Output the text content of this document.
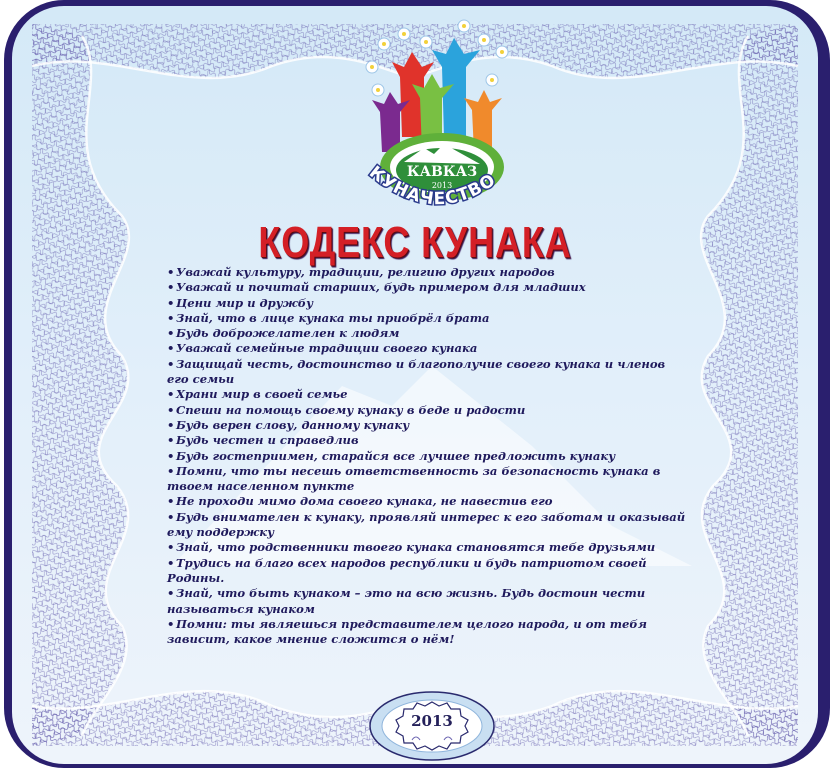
КАВКАЗ
2013
КУНАЧЕСТВО
КОДЕКС КУНАКА
• Уважай культуру, традиции, религию других народов
• Уважай и почитай старших, будь примером для младших
• Цени мир и дружбу
• Знай, что в лице кунака ты приобрёл брата
• Будь доброжелателен к людям
• Уважай семейные традиции своего кунака
• Защищай честь, достоинство и благополучие своего кунака и членов его семьи
• Храни мир в своей семье
• Спеши на помощь своему кунаку в беде и радости
• Будь верен слову, данному кунаку
• Будь честен и справедлив
• Будь гостеприимен, старайся все лучшее предложить кунаку
• Помни, что ты несешь ответственность за безопасность кунака в твоем населенном пункте
• Не проходи мимо дома своего кунака, не навестив его
• Будь внимателен к кунаку, проявляй интерес к его заботам и оказывай ему поддержку
• Знай, что родственники твоего кунака становятся тебе друзьями
• Трудись на благо всех народов республики и будь патриотом своей Родины.
• Знай, что быть кунаком – это на всю жизнь. Будь достоин чести называться кунаком
• Помни: ты являешься представителем целого народа, и от тебя зависит, какое мнение сложится о нём!
2013
